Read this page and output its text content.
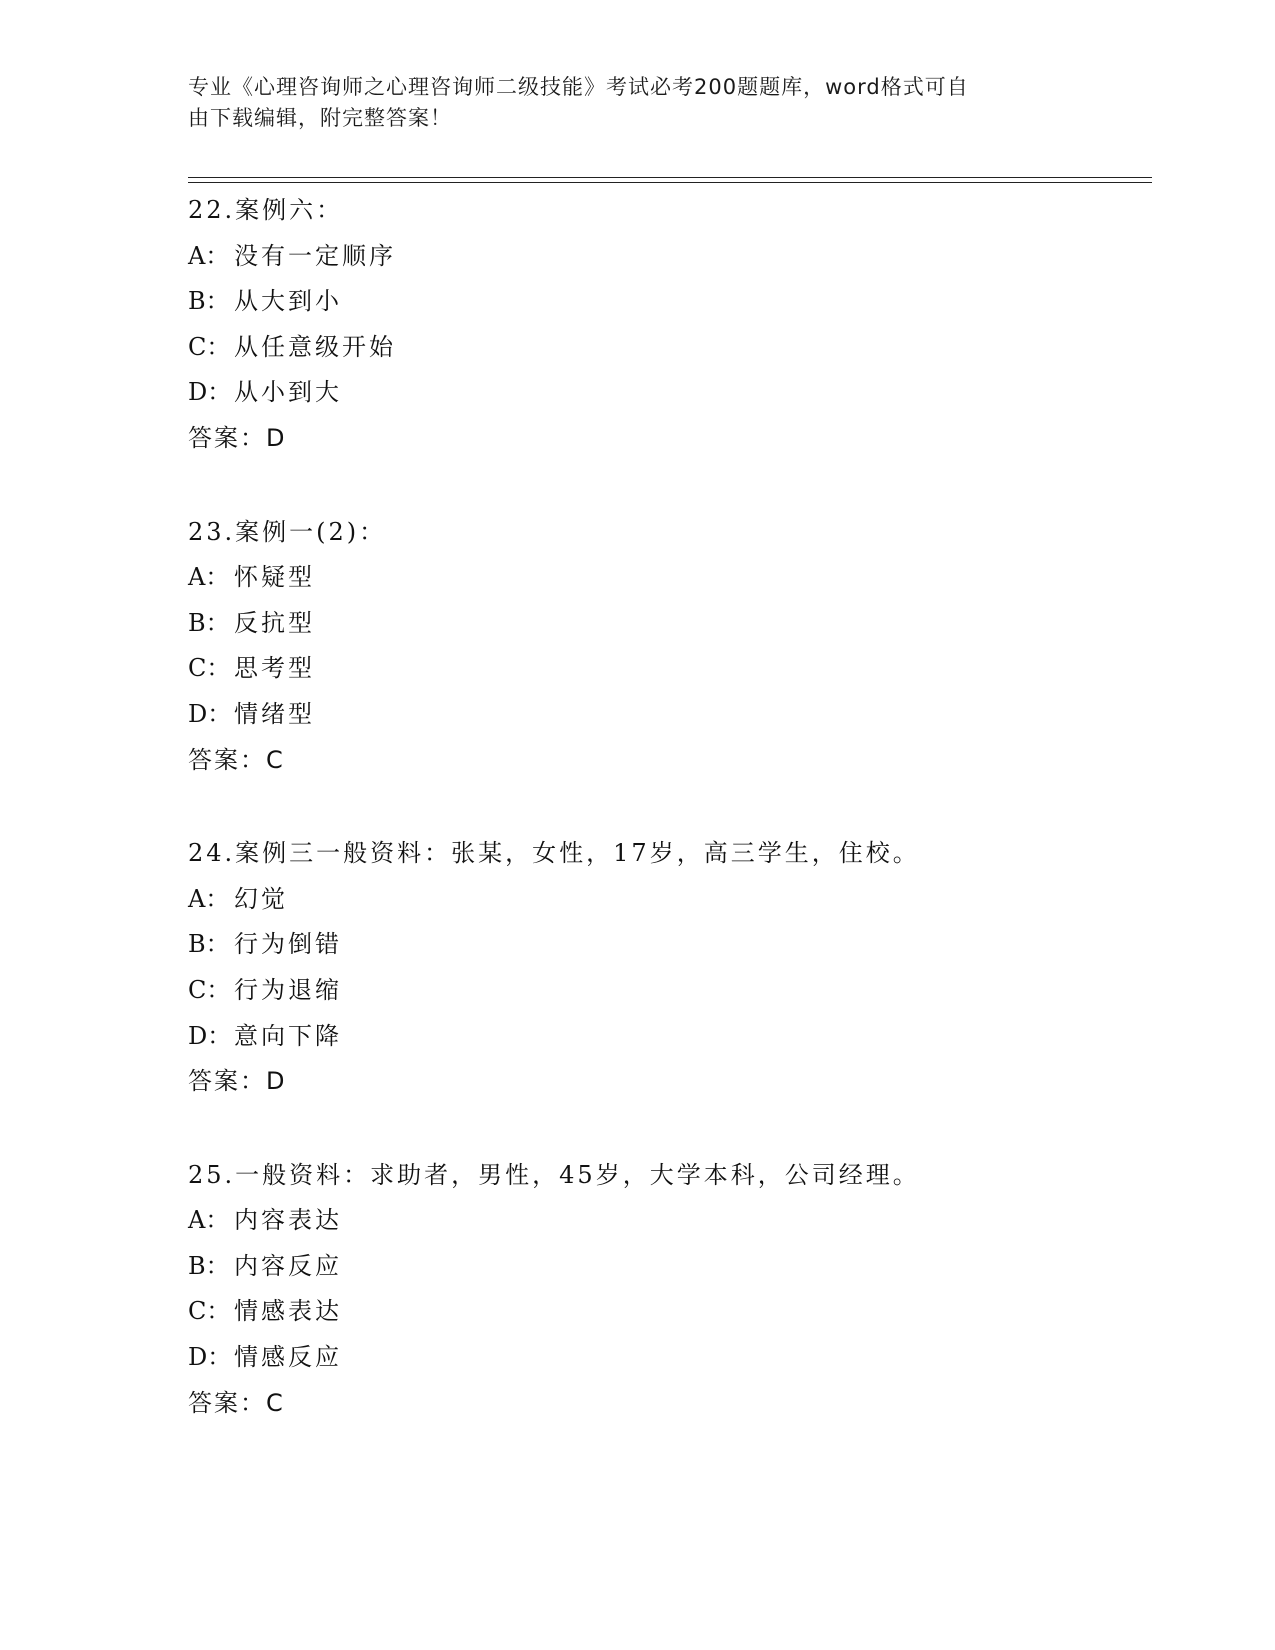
专业《心理咨询师之心理咨询师二级技能》考试必考200题题库，word格式可自
由下载编辑，附完整答案！
22.案例六：
A： 没有一定顺序
B： 从大到小
C： 从任意级开始
D： 从小到大
答案：D
23.案例一(2)：
A： 怀疑型
B： 反抗型
C： 思考型
D： 情绪型
答案：C
24.案例三一般资料：张某，女性，17岁，高三学生，住校。
A： 幻觉
B： 行为倒错
C： 行为退缩
D： 意向下降
答案：D
25.一般资料：求助者，男性，45岁，大学本科，公司经理。
A： 内容表达
B： 内容反应
C： 情感表达
D： 情感反应
答案：C
